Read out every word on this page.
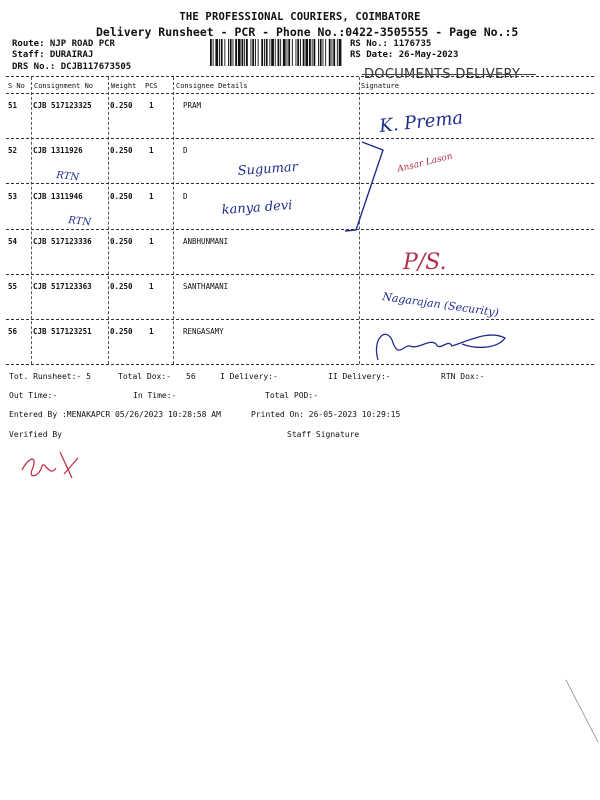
THE PROFESSIONAL COURIERS, COIMBATORE
Delivery Runsheet - PCR - Phone No.:0422-3505555 - Page No.:5
Route: NJP ROAD PCR
Staff: DURAIRAJ
DRS No.: DCJB117673505
RS No.: 1176735
RS Date: 26-May-2023
DOCUMENTS DELIVERY
S No Consignment No	Weight PCS	Consignee Details	Signature
51 CJB 517123325 0.250 1	PRAM
52 CJB 1311926	0.250 1	D
53 CJB 1311946	0.250 1	D
54 CJB 517123336 0.250 1	ANBHUNMANI
55 CJB 517123363 0.250 1	SANTHAMANI
56 CJB 517123251 0.250 1	RENGASAMY
Tot. Runsheet:- 5	Total Dox:- 56	I Delivery:-	II Delivery:-	RTN Dox:-
Out Time:-	In Time:-	Total POD:-
Entered By :MENAKAPCR 05/26/2023 10:28:58 AM	Printed On: 26-05-2023 10:29:15
Verified By	Staff Signature
RTN
RTN
Sugumar
kanya devi
K. Prema
Ansar Lason
P/S.
Nagarajan (Security)
